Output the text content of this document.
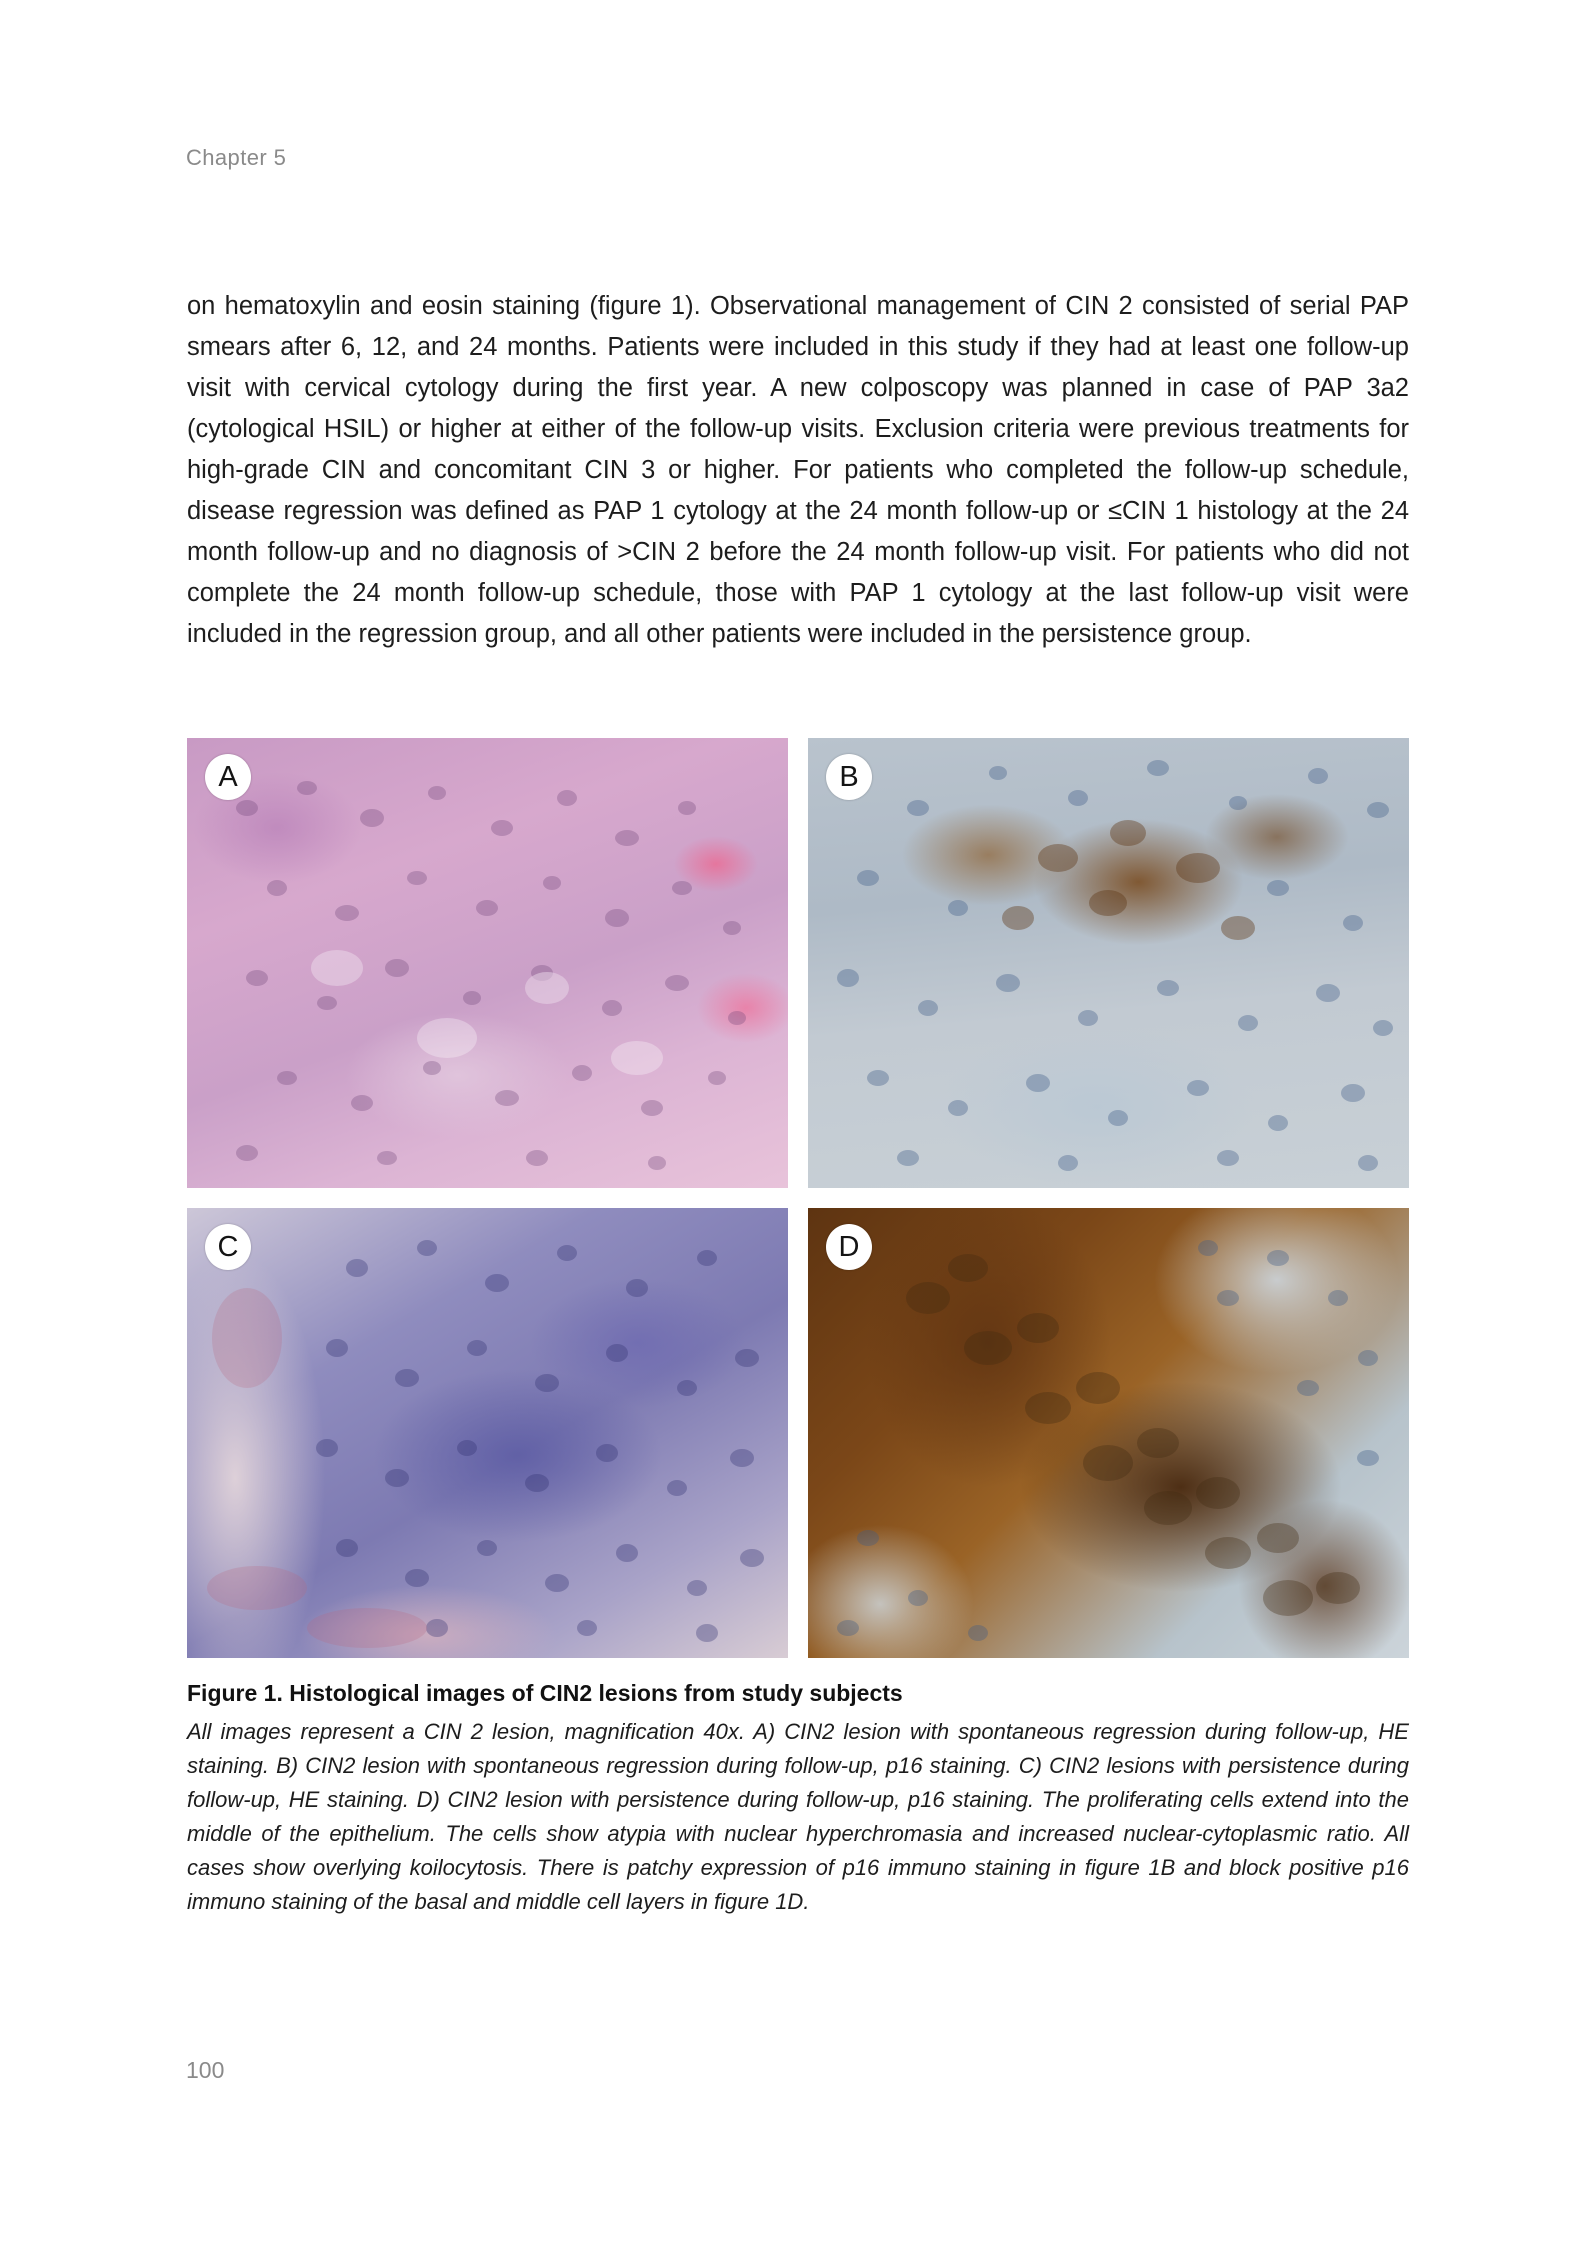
Chapter 5
on hematoxylin and eosin staining (figure 1). Observational management of CIN 2 consisted of serial PAP smears after 6, 12, and 24 months. Patients were included in this study if they had at least one follow-up visit with cervical cytology during the first year. A new colposcopy was planned in case of PAP 3a2 (cytological HSIL) or higher at either of the follow-up visits. Exclusion criteria were previous treatments for high-grade CIN and concomitant CIN 3 or higher. For patients who completed the follow-up schedule, disease regression was defined as PAP 1 cytology at the 24 month follow-up or ≤CIN 1 histology at the 24 month follow-up and no diagnosis of >CIN 2 before the 24 month follow-up visit. For patients who did not complete the 24 month follow-up schedule, those with PAP 1 cytology at the last follow-up visit were included in the regression group, and all other patients were included in the persistence group.
A	B
C	D
Figure 1. Histological images of CIN2 lesions from study subjects
All images represent a CIN 2 lesion, magnification 40x. A) CIN2 lesion with spontaneous regression during follow-up, HE staining. B) CIN2 lesion with spontaneous regression during follow-up, p16 staining. C) CIN2 lesions with persistence during follow-up, HE staining. D) CIN2 lesion with persistence during follow-up, p16 staining. The proliferating cells extend into the middle of the epithelium. The cells show atypia with nuclear hyperchromasia and increased nuclear-cytoplasmic ratio. All cases show overlying koilocytosis. There is patchy expression of p16 immuno staining in figure 1B and block positive p16 immuno staining of the basal and middle cell layers in figure 1D.
100
